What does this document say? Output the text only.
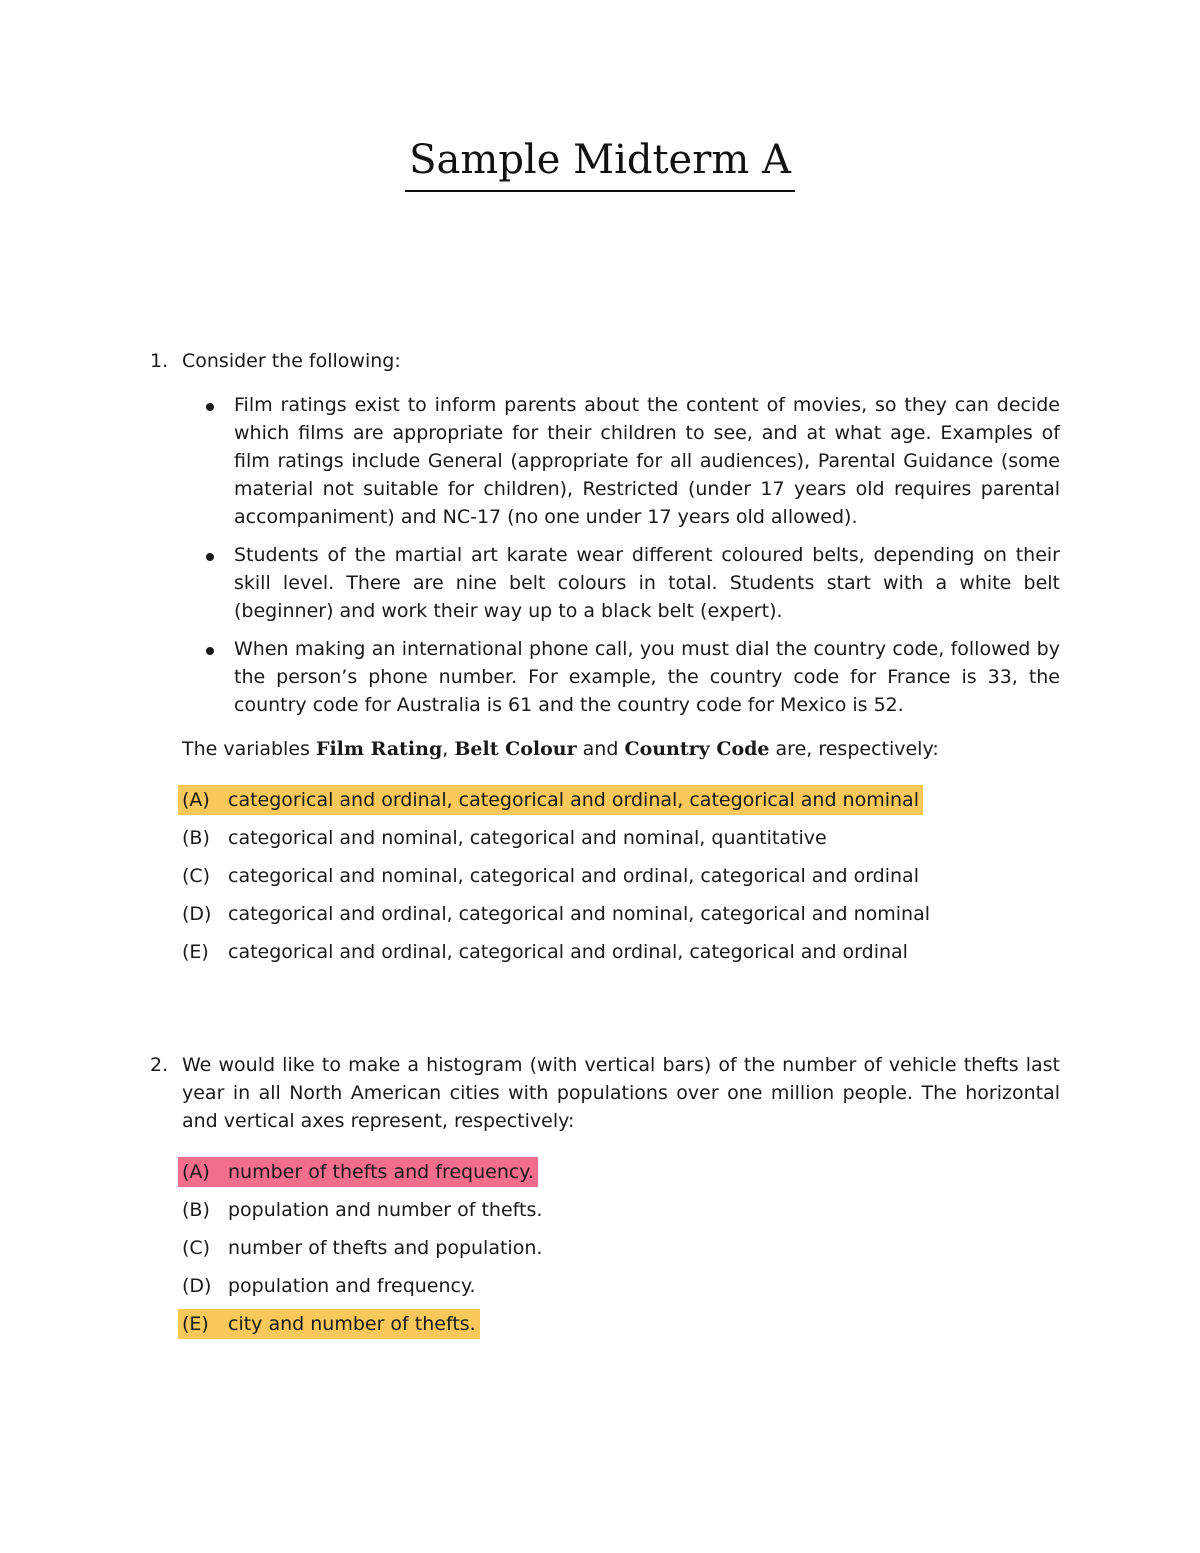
Sample Midterm A
1. Consider the following:
Film ratings exist to inform parents about the content of movies, so they can decide which films are appropriate for their children to see, and at what age. Examples of film ratings include General (appropriate for all audiences), Parental Guidance (some material not suitable for children), Restricted (under 17 years old requires parental accompaniment) and NC-17 (no one under 17 years old allowed).
Students of the martial art karate wear different coloured belts, depending on their skill level. There are nine belt colours in total. Students start with a white belt (beginner) and work their way up to a black belt (expert).
When making an international phone call, you must dial the country code, followed by the person’s phone number. For example, the country code for France is 33, the country code for Australia is 61 and the country code for Mexico is 52.
The variables Film Rating, Belt Colour and Country Code are, respectively:
(A) categorical and ordinal, categorical and ordinal, categorical and nominal
(B) categorical and nominal, categorical and nominal, quantitative
(C) categorical and nominal, categorical and ordinal, categorical and ordinal
(D) categorical and ordinal, categorical and nominal, categorical and nominal
(E) categorical and ordinal, categorical and ordinal, categorical and ordinal
2. We would like to make a histogram (with vertical bars) of the number of vehicle thefts last year in all North American cities with populations over one million people. The horizontal and vertical axes represent, respectively:
(A) number of thefts and frequency.
(B) population and number of thefts.
(C) number of thefts and population.
(D) population and frequency.
(E) city and number of thefts.
